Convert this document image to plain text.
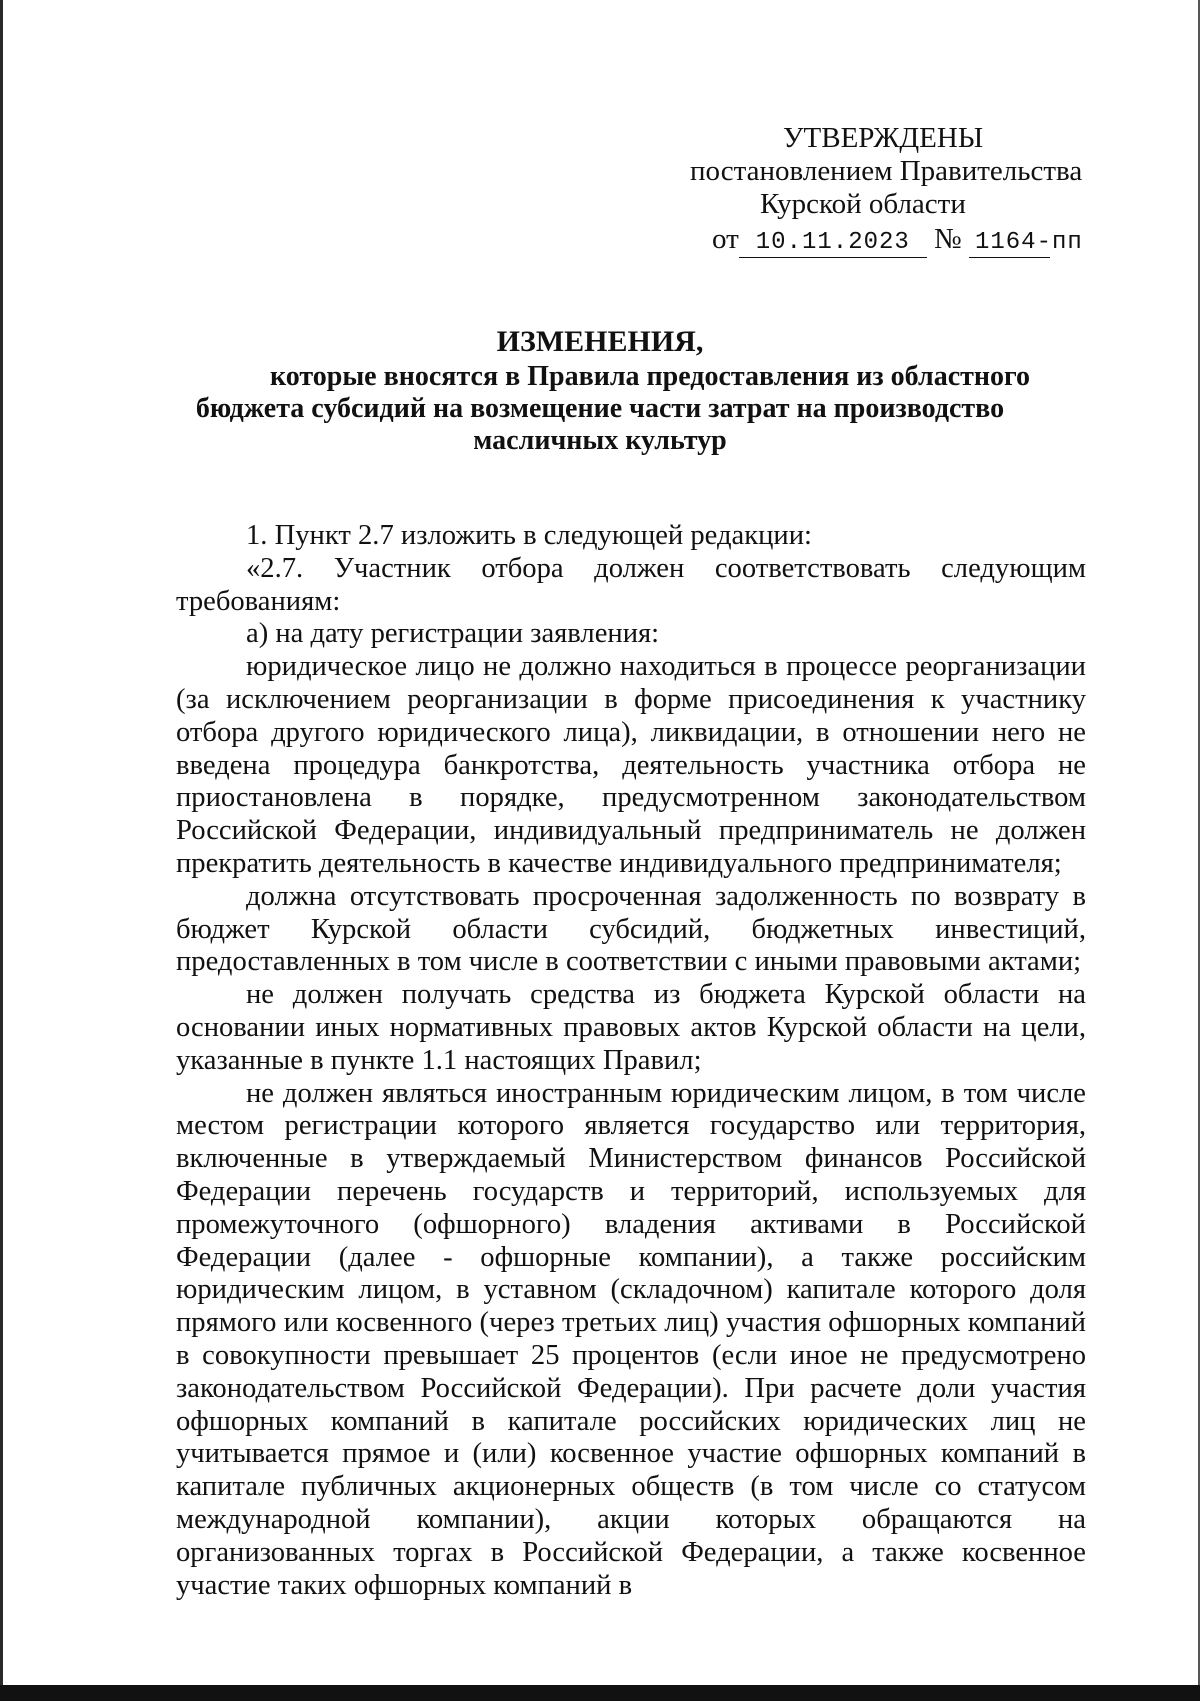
УТВЕРЖДЕНЫ
постановлением Правительства
Курской области
от 10.11.2023 № 1164-пп
ИЗМЕНЕНИЯ,
которые вносятся в Правила предоставления из областного
бюджета субсидий на возмещение части затрат на производство
масличных культур

1. Пункт 2.7 изложить в следующей редакции:

«2.7. Участник отбора должен соответствовать следующим требованиям:

а) на дату регистрации заявления:

юридическое лицо не должно находиться в процессе реорганизации (за исключением реорганизации в форме присоединения к участнику отбора другого юридического лица), ликвидации, в отношении него не введена процедура банкротства, деятельность участника отбора не приостановлена в порядке, предусмотренном законодательством Российской Федерации, индивидуальный предприниматель не должен прекратить деятельность в качестве индивидуального предпринимателя;

должна отсутствовать просроченная задолженность по возврату в бюджет Курской области субсидий, бюджетных инвестиций, предоставленных в том числе в соответствии с иными правовыми актами;

не должен получать средства из бюджета Курской области на основании иных нормативных правовых актов Курской области на цели, указанные в пункте 1.1 настоящих Правил;

не должен являться иностранным юридическим лицом, в том числе местом регистрации которого является государство или территория, включенные в утверждаемый Министерством финансов Российской Федерации перечень государств и территорий, используемых для промежуточного (офшорного) владения активами в Российской Федерации (далее - офшорные компании), а также российским юридическим лицом, в уставном (складочном) капитале которого доля прямого или косвенного (через третьих лиц) участия офшорных компаний в совокупности превышает 25 процентов (если иное не предусмотрено законодательством Российской Федерации). При расчете доли участия офшорных компаний в капитале российских юридических лиц не учитывается прямое и (или) косвенное участие офшорных компаний в капитале публичных акционерных обществ (в том числе со статусом международной компании), акции которых обращаются на организованных торгах в Российской Федерации, а также косвенное участие таких офшорных компаний в
